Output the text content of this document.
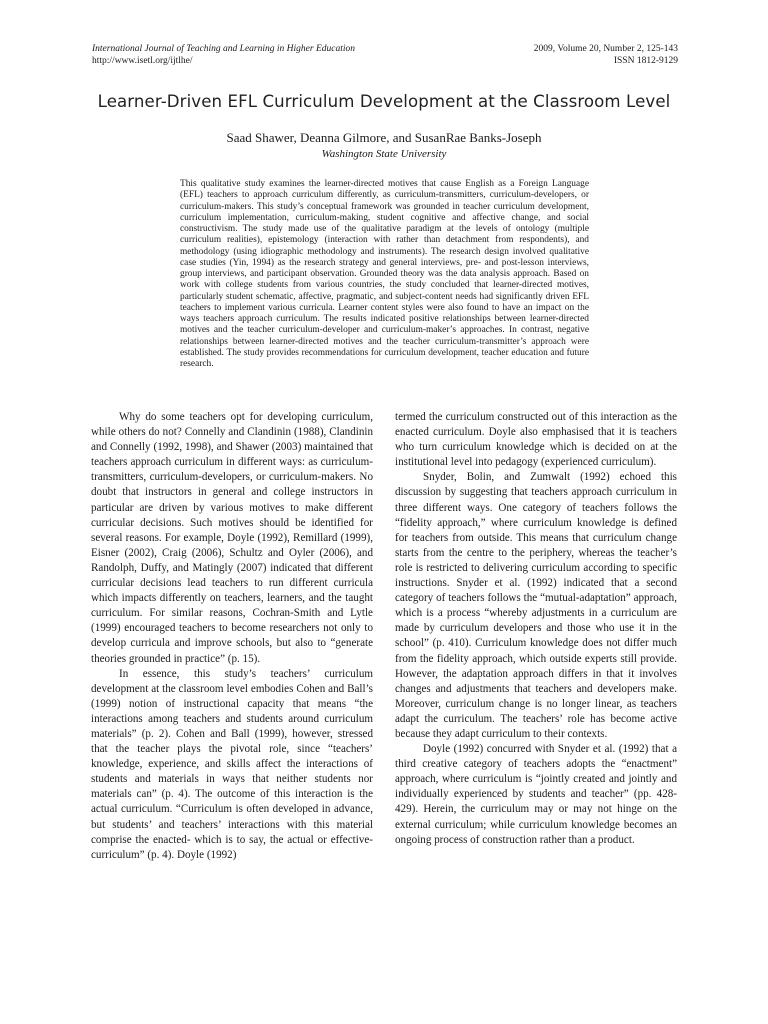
International Journal of Teaching and Learning in Higher Education
http://www.isetl.org/ijtlhe/
2009, Volume 20, Number 2, 125-143
ISSN 1812-9129
Learner-Driven EFL Curriculum Development at the Classroom Level
Saad Shawer, Deanna Gilmore, and SusanRae Banks-Joseph
Washington State University

This qualitative study examines the learner-directed motives that cause English as a Foreign Language (EFL) teachers to approach curriculum differently, as curriculum-transmitters, curriculum-developers, or curriculum-makers. This study’s conceptual framework was grounded in teacher curriculum development, curriculum implementation, curriculum-making, student cognitive and affective change, and social constructivism. The study made use of the qualitative paradigm at the levels of ontology (multiple curriculum realities), epistemology (interaction with rather than detachment from respondents), and methodology (using idiographic methodology and instruments). The research design involved qualitative case studies (Yin, 1994) as the research strategy and general interviews, pre- and post-lesson interviews, group interviews, and participant observation. Grounded theory was the data analysis approach. Based on work with college students from various countries, the study concluded that learner-directed motives, particularly student schematic, affective, pragmatic, and subject-content needs had significantly driven EFL teachers to implement various curricula. Learner content styles were also found to have an impact on the ways teachers approach curriculum. The results indicated positive relationships between learner-directed motives and the teacher curriculum-developer and curriculum-maker’s approaches. In contrast, negative relationships between learner-directed motives and the teacher curriculum-transmitter’s approach were established. The study provides recommendations for curriculum development, teacher education and future research.

Why do some teachers opt for developing curriculum, while others do not? Connelly and Clandinin (1988), Clandinin and Connelly (1992, 1998), and Shawer (2003) maintained that teachers approach curriculum in different ways: as curriculum-transmitters, curriculum-developers, or curriculum-makers. No doubt that instructors in general and college instructors in particular are driven by various motives to make different curricular decisions. Such motives should be identified for several reasons. For example, Doyle (1992), Remillard (1999), Eisner (2002), Craig (2006), Schultz and Oyler (2006), and Randolph, Duffy, and Matingly (2007) indicated that different curricular decisions lead teachers to run different curricula which impacts differently on teachers, learners, and the taught curriculum. For similar reasons, Cochran-Smith and Lytle (1999) encouraged teachers to become researchers not only to develop curricula and improve schools, but also to “generate theories grounded in practice” (p. 15).

In essence, this study’s teachers’ curriculum development at the classroom level embodies Cohen and Ball’s (1999) notion of instructional capacity that means “the interactions among teachers and students around curriculum materials” (p. 2). Cohen and Ball (1999), however, stressed that the teacher plays the pivotal role, since “teachers’ knowledge, experience, and skills affect the interactions of students and materials in ways that neither students nor materials can” (p. 4). The outcome of this interaction is the actual curriculum. “Curriculum is often developed in advance, but students’ and teachers’ interactions with this material comprise the enacted- which is to say, the actual or effective- curriculum” (p. 4). Doyle (1992)

termed the curriculum constructed out of this interaction as the enacted curriculum. Doyle also emphasised that it is teachers who turn curriculum knowledge which is decided on at the institutional level into pedagogy (experienced curriculum).

Snyder, Bolin, and Zumwalt (1992) echoed this discussion by suggesting that teachers approach curriculum in three different ways. One category of teachers follows the “fidelity approach,” where curriculum knowledge is defined for teachers from outside. This means that curriculum change starts from the centre to the periphery, whereas the teacher’s role is restricted to delivering curriculum according to specific instructions. Snyder et al. (1992) indicated that a second category of teachers follows the “mutual-adaptation” approach, which is a process “whereby adjustments in a curriculum are made by curriculum developers and those who use it in the school” (p. 410). Curriculum knowledge does not differ much from the fidelity approach, which outside experts still provide. However, the adaptation approach differs in that it involves changes and adjustments that teachers and developers make. Moreover, curriculum change is no longer linear, as teachers adapt the curriculum. The teachers’ role has become active because they adapt curriculum to their contexts.

Doyle (1992) concurred with Snyder et al. (1992) that a third creative category of teachers adopts the “enactment” approach, where curriculum is “jointly created and jointly and individually experienced by students and teacher” (pp. 428-429). Herein, the curriculum may or may not hinge on the external curriculum; while curriculum knowledge becomes an ongoing process of construction rather than a product.
